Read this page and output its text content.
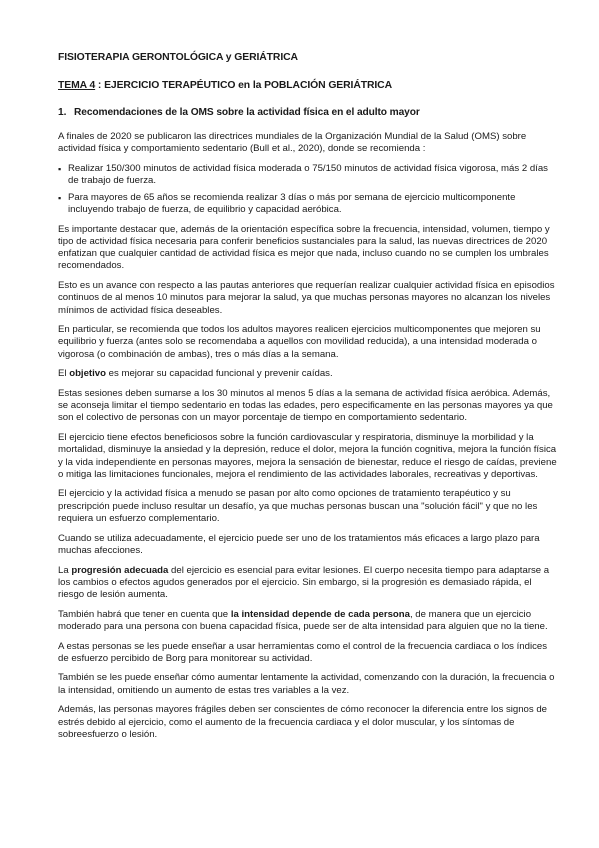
FISIOTERAPIA GERONTOLÓGICA y GERIÁTRICA
TEMA 4 : EJERCICIO TERAPÉUTICO en la POBLACIÓN GERIÁTRICA
1. Recomendaciones de la OMS sobre la actividad física en el adulto mayor

A finales de 2020 se publicaron las directrices mundiales de la Organización Mundial de la Salud (OMS) sobre actividad física y comportamiento sedentario (Bull et al., 2020), donde se recomienda :

▪ Realizar 150/300 minutos de actividad física moderada o 75/150 minutos de actividad física vigorosa, más 2 días de trabajo de fuerza.
▪ Para mayores de 65 años se recomienda realizar 3 días o más por semana de ejercicio multicomponente incluyendo trabajo de fuerza, de equilibrio y capacidad aeróbica.

Es importante destacar que, además de la orientación específica sobre la frecuencia, intensidad, volumen, tiempo y tipo de actividad física necesaria para conferir beneficios sustanciales para la salud, las nuevas directrices de 2020 enfatizan que cualquier cantidad de actividad física es mejor que nada, incluso cuando no se cumplen los umbrales recomendados.

Esto es un avance con respecto a las pautas anteriores que requerían realizar cualquier actividad física en episodios continuos de al menos 10 minutos para mejorar la salud, ya que muchas personas mayores no alcanzan los niveles mínimos de actividad física deseables.

En particular, se recomienda que todos los adultos mayores realicen ejercicios multicomponentes que mejoren su equilibrio y fuerza (antes solo se recomendaba a aquellos con movilidad reducida), a una intensidad moderada o vigorosa (o combinación de ambas), tres o más días a la semana.

El objetivo es mejorar su capacidad funcional y prevenir caídas.

Estas sesiones deben sumarse a los 30 minutos al menos 5 días a la semana de actividad física aeróbica. Además, se aconseja limitar el tiempo sedentario en todas las edades, pero especificamente en las personas mayores ya que son el colectivo de personas con un mayor porcentaje de tiempo en comportamiento sedentario.

El ejercicio tiene efectos beneficiosos sobre la función cardiovascular y respiratoria, disminuye la morbilidad y la mortalidad, disminuye la ansiedad y la depresión, reduce el dolor, mejora la función cognitiva, mejora la función física y la vida independiente en personas mayores, mejora la sensación de bienestar, reduce el riesgo de caídas, previene o mitiga las limitaciones funcionales, mejora el rendimiento de las actividades laborales, recreativas y deportivas.

El ejercicio y la actividad física a menudo se pasan por alto como opciones de tratamiento terapéutico y su prescripción puede incluso resultar un desafío, ya que muchas personas buscan una "solución fácil" y que no les requiera un esfuerzo complementario.

Cuando se utiliza adecuadamente, el ejercicio puede ser uno de los tratamientos más eficaces a largo plazo para muchas afecciones.

La progresión adecuada del ejercicio es esencial para evitar lesiones. El cuerpo necesita tiempo para adaptarse a los cambios o efectos agudos generados por el ejercicio. Sin embargo, si la progresión es demasiado rápida, el riesgo de lesión aumenta.

También habrá que tener en cuenta que la intensidad depende de cada persona, de manera que un ejercicio moderado para una persona con buena capacidad física, puede ser de alta intensidad para alguien que no la tiene.

A estas personas se les puede enseñar a usar herramientas como el control de la frecuencia cardiaca o los índices de esfuerzo percibido de Borg para monitorear su actividad.

También se les puede enseñar cómo aumentar lentamente la actividad, comenzando con la duración, la frecuencia o la intensidad, omitiendo un aumento de estas tres variables a la vez.

Además, las personas mayores frágiles deben ser conscientes de cómo reconocer la diferencia entre los signos de estrés debido al ejercicio, como el aumento de la frecuencia cardiaca y el dolor muscular, y los síntomas de sobreesfuerzo o lesión.
